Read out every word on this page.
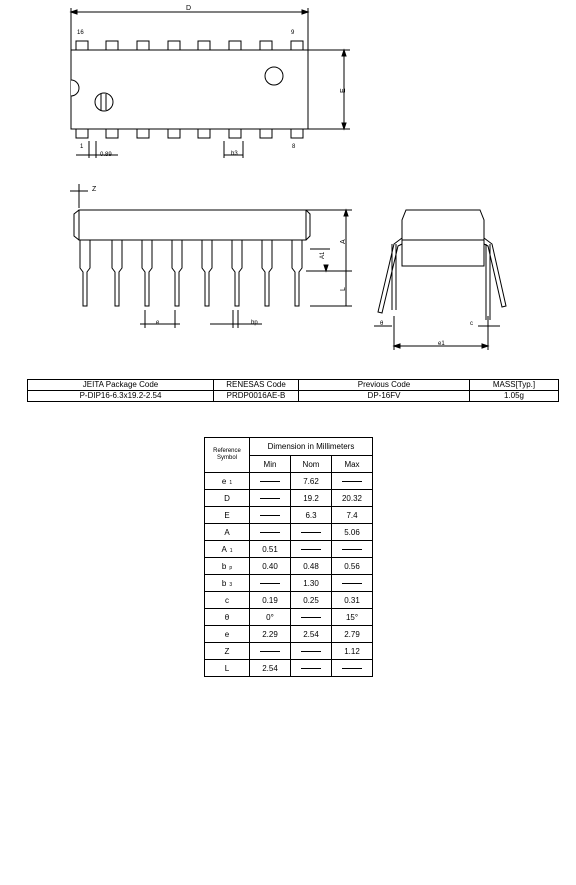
D
E
16	9
1	8
0.89	b3
Z
A
A1
L
e	bp	θ	c
e1
JEITA Package Code	RENESAS Code	Previous Code	MASS[Typ.]
P-DIP16-6.3x19.2-2.54	PRDP0016AE-B	DP-16FV	1.05g
Reference
Symbol	Dimension in Millimeters		
	Min	Nom	Max
e 1		7.62	
D		19.2	20.32
E		6.3	7.4
A			5.06
A 1	0.51		
b p	0.40	0.48	0.56
b 3		1.30	
c	0.19	0.25	0.31
θ	0°		15°
e	2.29	2.54	2.79
Z			1.12
L	2.54		
